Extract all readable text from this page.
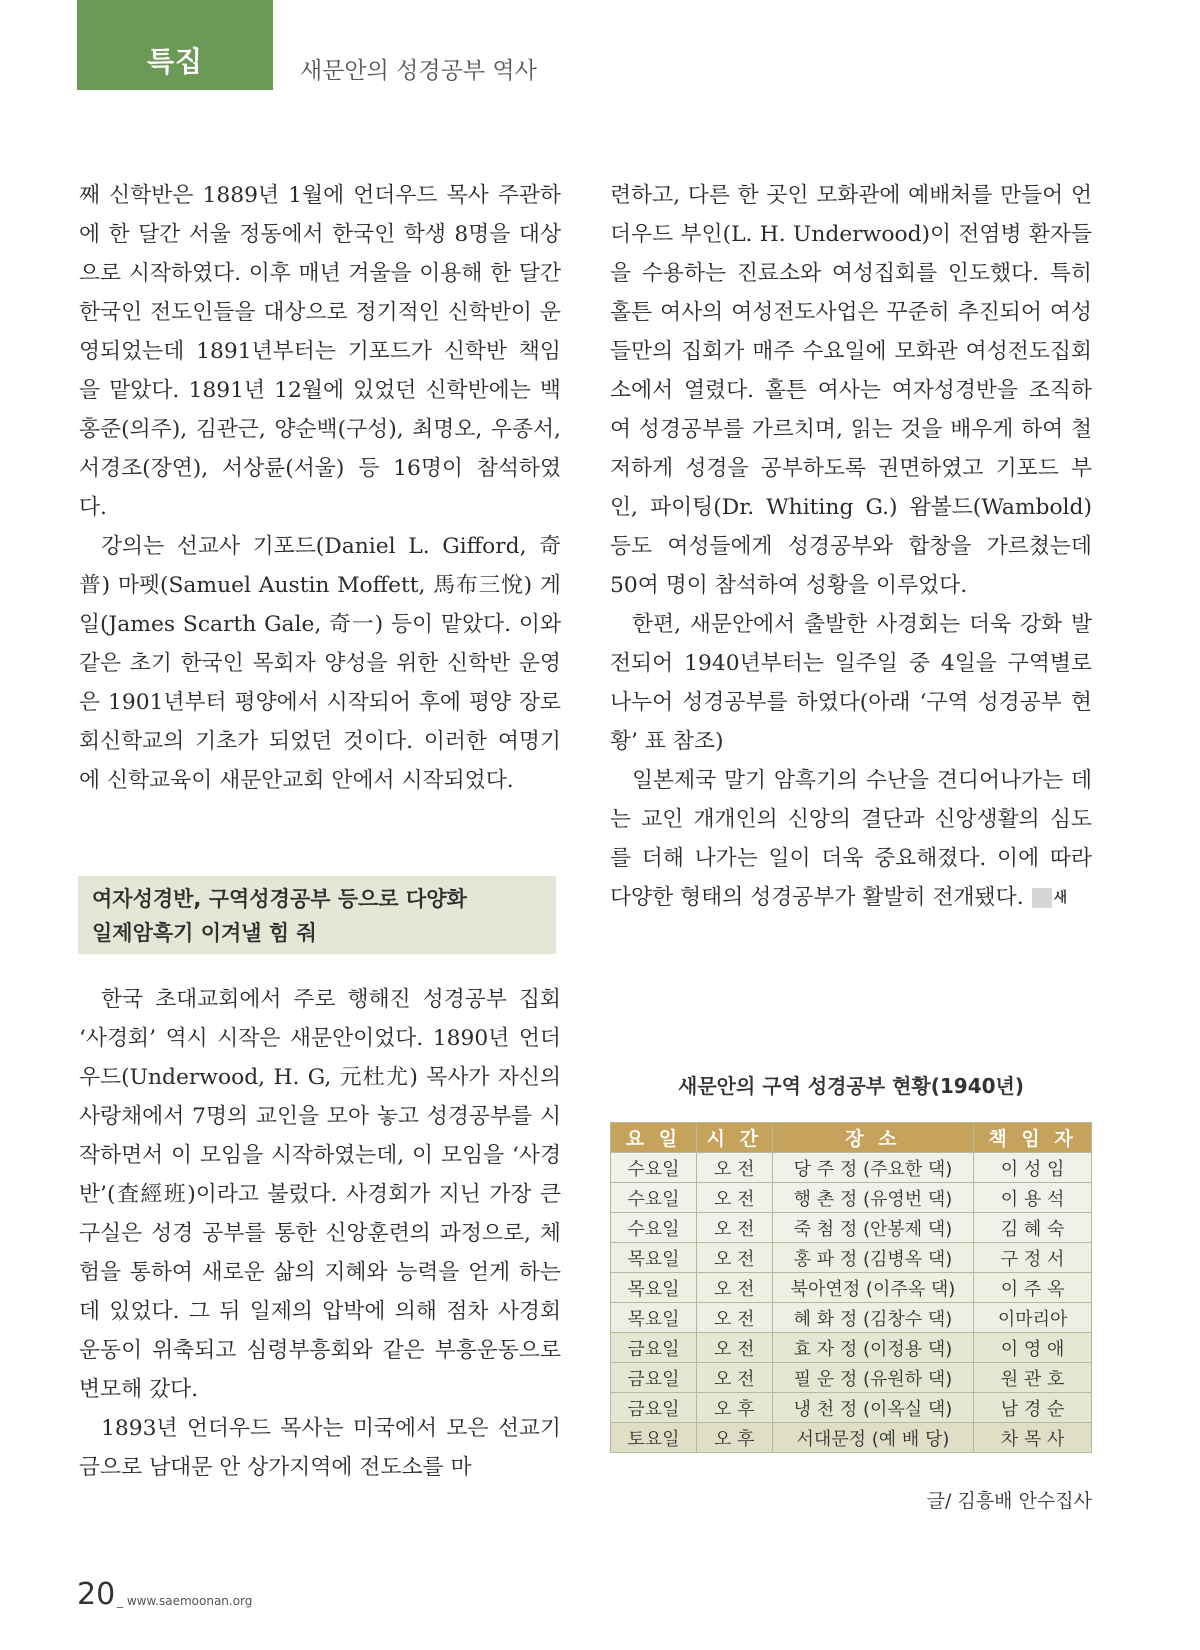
특집	새문안의 성경공부 역사

째 신학반은 1889년 1월에 언더우드 목사 주관하에 한 달간 서울 정동에서 한국인 학생 8명을 대상으로 시작하였다. 이후 매년 겨울을 이용해 한 달간 한국인 전도인들을 대상으로 정기적인 신학반이 운영되었는데 1891년부터는 기포드가 신학반 책임을 맡았다. 1891년 12월에 있었던 신학반에는 백홍준(의주), 김관근, 양순백(구성), 최명오, 우종서, 서경조(장연), 서상륜(서울) 등 16명이 참석하였다.

강의는 선교사 기포드(Daniel L. Gifford, 奇普) 마펫(Samuel Austin Moffett, 馬布三悅) 게일(James Scarth Gale, 奇一) 등이 맡았다. 이와 같은 초기 한국인 목회자 양성을 위한 신학반 운영은 1901년부터 평양에서 시작되어 후에 평양 장로회신학교의 기초가 되었던 것이다. 이러한 여명기에 신학교육이 새문안교회 안에서 시작되었다.

여자성경반, 구역성경공부 등으로 다양화
일제암흑기 이겨낼 힘 줘

한국 초대교회에서 주로 행해진 성경공부 집회 ‘사경회’ 역시 시작은 새문안이었다. 1890년 언더우드(Underwood, H. G, 元杜尤) 목사가 자신의 사랑채에서 7명의 교인을 모아 놓고 성경공부를 시작하면서 이 모임을 시작하였는데, 이 모임을 ‘사경반’(査經班)이라고 불렀다. 사경회가 지닌 가장 큰 구실은 성경 공부를 통한 신앙훈련의 과정으로, 체험을 통하여 새로운 삶의 지혜와 능력을 얻게 하는 데 있었다. 그 뒤 일제의 압박에 의해 점차 사경회운동이 위축되고 심령부흥회와 같은 부흥운동으로 변모해 갔다.

1893년 언더우드 목사는 미국에서 모은 선교기금으로 남대문 안 상가지역에 전도소를 마

련하고, 다른 한 곳인 모화관에 예배처를 만들어 언더우드 부인(L. H. Underwood)이 전염병 환자들을 수용하는 진료소와 여성집회를 인도했다. 특히 홀튼 여사의 여성전도사업은 꾸준히 추진되어 여성들만의 집회가 매주 수요일에 모화관 여성전도집회소에서 열렸다. 홀튼 여사는 여자성경반을 조직하여 성경공부를 가르치며, 읽는 것을 배우게 하여 철저하게 성경을 공부하도록 권면하였고 기포드 부인, 파이팅(Dr. Whiting G.) 왐볼드(Wambold) 등도 여성들에게 성경공부와 합창을 가르쳤는데 50여 명이 참석하여 성황을 이루었다.

한편, 새문안에서 출발한 사경회는 더욱 강화 발전되어 1940년부터는 일주일 중 4일을 구역별로 나누어 성경공부를 하였다(아래 ‘구역 성경공부 현황’ 표 참조)

일본제국 말기 암흑기의 수난을 견디어나가는 데는 교인 개개인의 신앙의 결단과 신앙생활의 심도를 더해 나가는 일이 더욱 중요해졌다. 이에 따라 다양한 형태의 성경공부가 활발히 전개됐다. 새

새문안의 구역 성경공부 현황(1940년)
요 일	시 간	장 소	책 임 자
수요일	오 전	당 주 정 (주요한 댁)	이 성 임
수요일	오 전	행 촌 정 (유영번 댁)	이 용 석
수요일	오 전	죽 첨 정 (안봉제 댁)	김 혜 숙
목요일	오 전	홍 파 정 (김병옥 댁)	구 정 서
목요일	오 전	북아연정 (이주옥 댁)	이 주 옥
목요일	오 전	혜 화 정 (김창수 댁)	이마리아
금요일	오 전	효 자 정 (이정용 댁)	이 영 애
금요일	오 전	필 운 정 (유원하 댁)	원 관 호
금요일	오 후	냉 천 정 (이옥실 댁)	남 경 순
토요일	오 후	서대문정 (예 배 당)	차 목 사
글/ 김흥배 안수집사
20 _ www.saemoonan.org
